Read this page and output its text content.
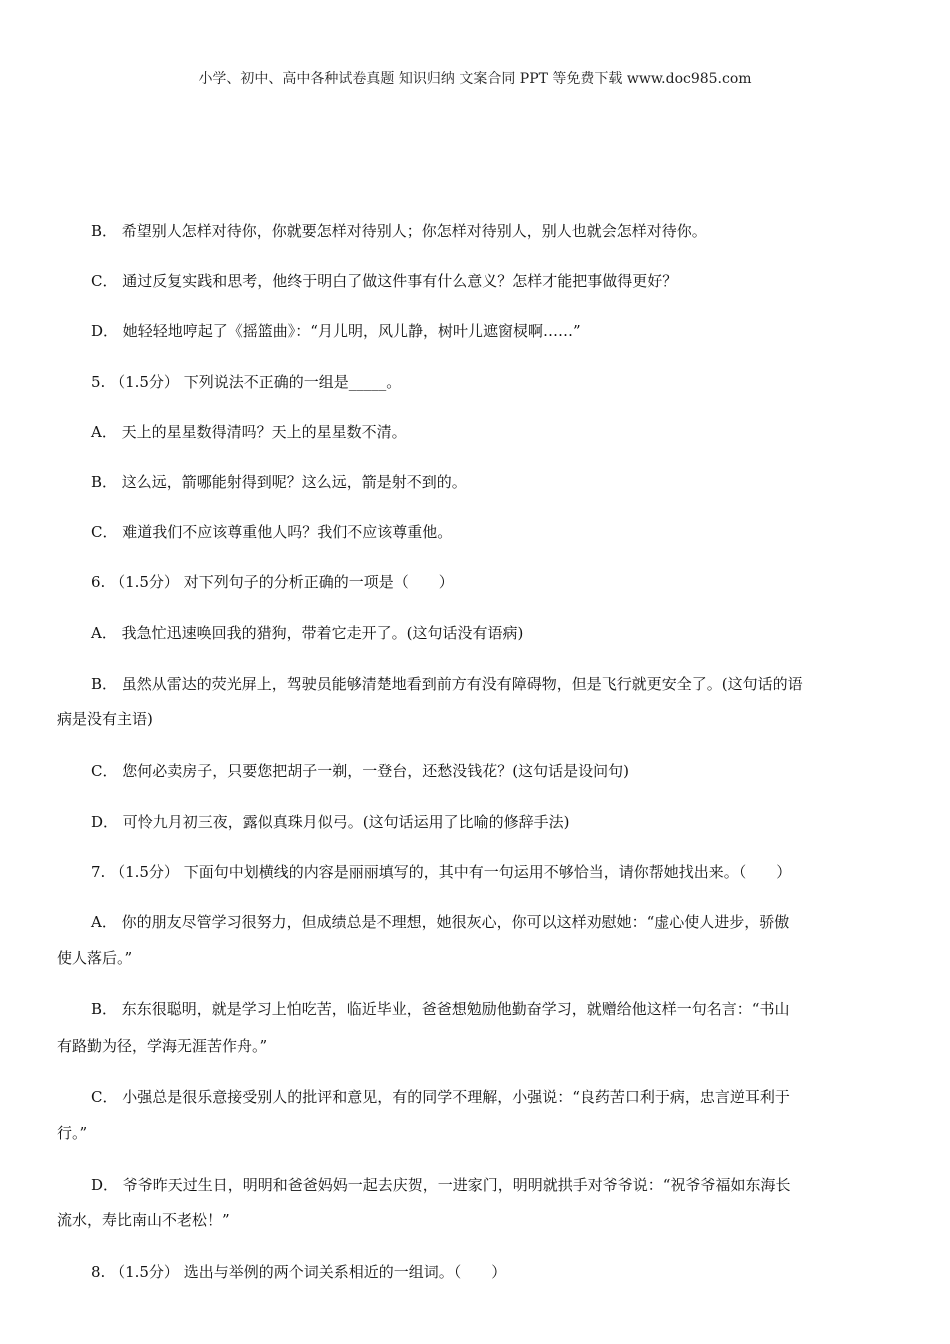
小学、初中、高中各种试卷真题 知识归纳 文案合同 PPT 等免费下载 www.doc985.com
B． 希望别人怎样对待你，你就要怎样对待别人；你怎样对待别人，别人也就会怎样对待你。
C． 通过反复实践和思考，他终于明白了做这件事有什么意义？怎样才能把事做得更好？
D． 她轻轻地哼起了《摇篮曲》：“月儿明，风儿静，树叶儿遮窗棂啊……”
5. （1.5分） 下列说法不正确的一组是_____。
A． 天上的星星数得清吗？天上的星星数不清。
B． 这么远，箭哪能射得到呢？这么远，箭是射不到的。
C． 难道我们不应该尊重他人吗？我们不应该尊重他。
6. （1.5分） 对下列句子的分析正确的一项是（　　）
A． 我急忙迅速唤回我的猎狗，带着它走开了。(这句话没有语病)
B． 虽然从雷达的荧光屏上，驾驶员能够清楚地看到前方有没有障碍物，但是飞行就更安全了。(这句话的语
病是没有主语)
C． 您何必卖房子，只要您把胡子一剃，一登台，还愁没钱花？(这句话是设问句)
D． 可怜九月初三夜，露似真珠月似弓。(这句话运用了比喻的修辞手法)
7. （1.5分） 下面句中划横线的内容是丽丽填写的，其中有一句运用不够恰当，请你帮她找出来。（　　）
A． 你的朋友尽管学习很努力，但成绩总是不理想，她很灰心，你可以这样劝慰她：“虚心使人进步，骄傲
使人落后。”
B． 东东很聪明，就是学习上怕吃苦，临近毕业，爸爸想勉励他勤奋学习，就赠给他这样一句名言：“书山
有路勤为径，学海无涯苦作舟。”
C． 小强总是很乐意接受别人的批评和意见，有的同学不理解，小强说：“良药苦口利于病，忠言逆耳利于
行。”
D． 爷爷昨天过生日，明明和爸爸妈妈一起去庆贺，一进家门，明明就拱手对爷爷说：“祝爷爷福如东海长
流水，寿比南山不老松！”
8. （1.5分） 选出与举例的两个词关系相近的一组词。（　　）
